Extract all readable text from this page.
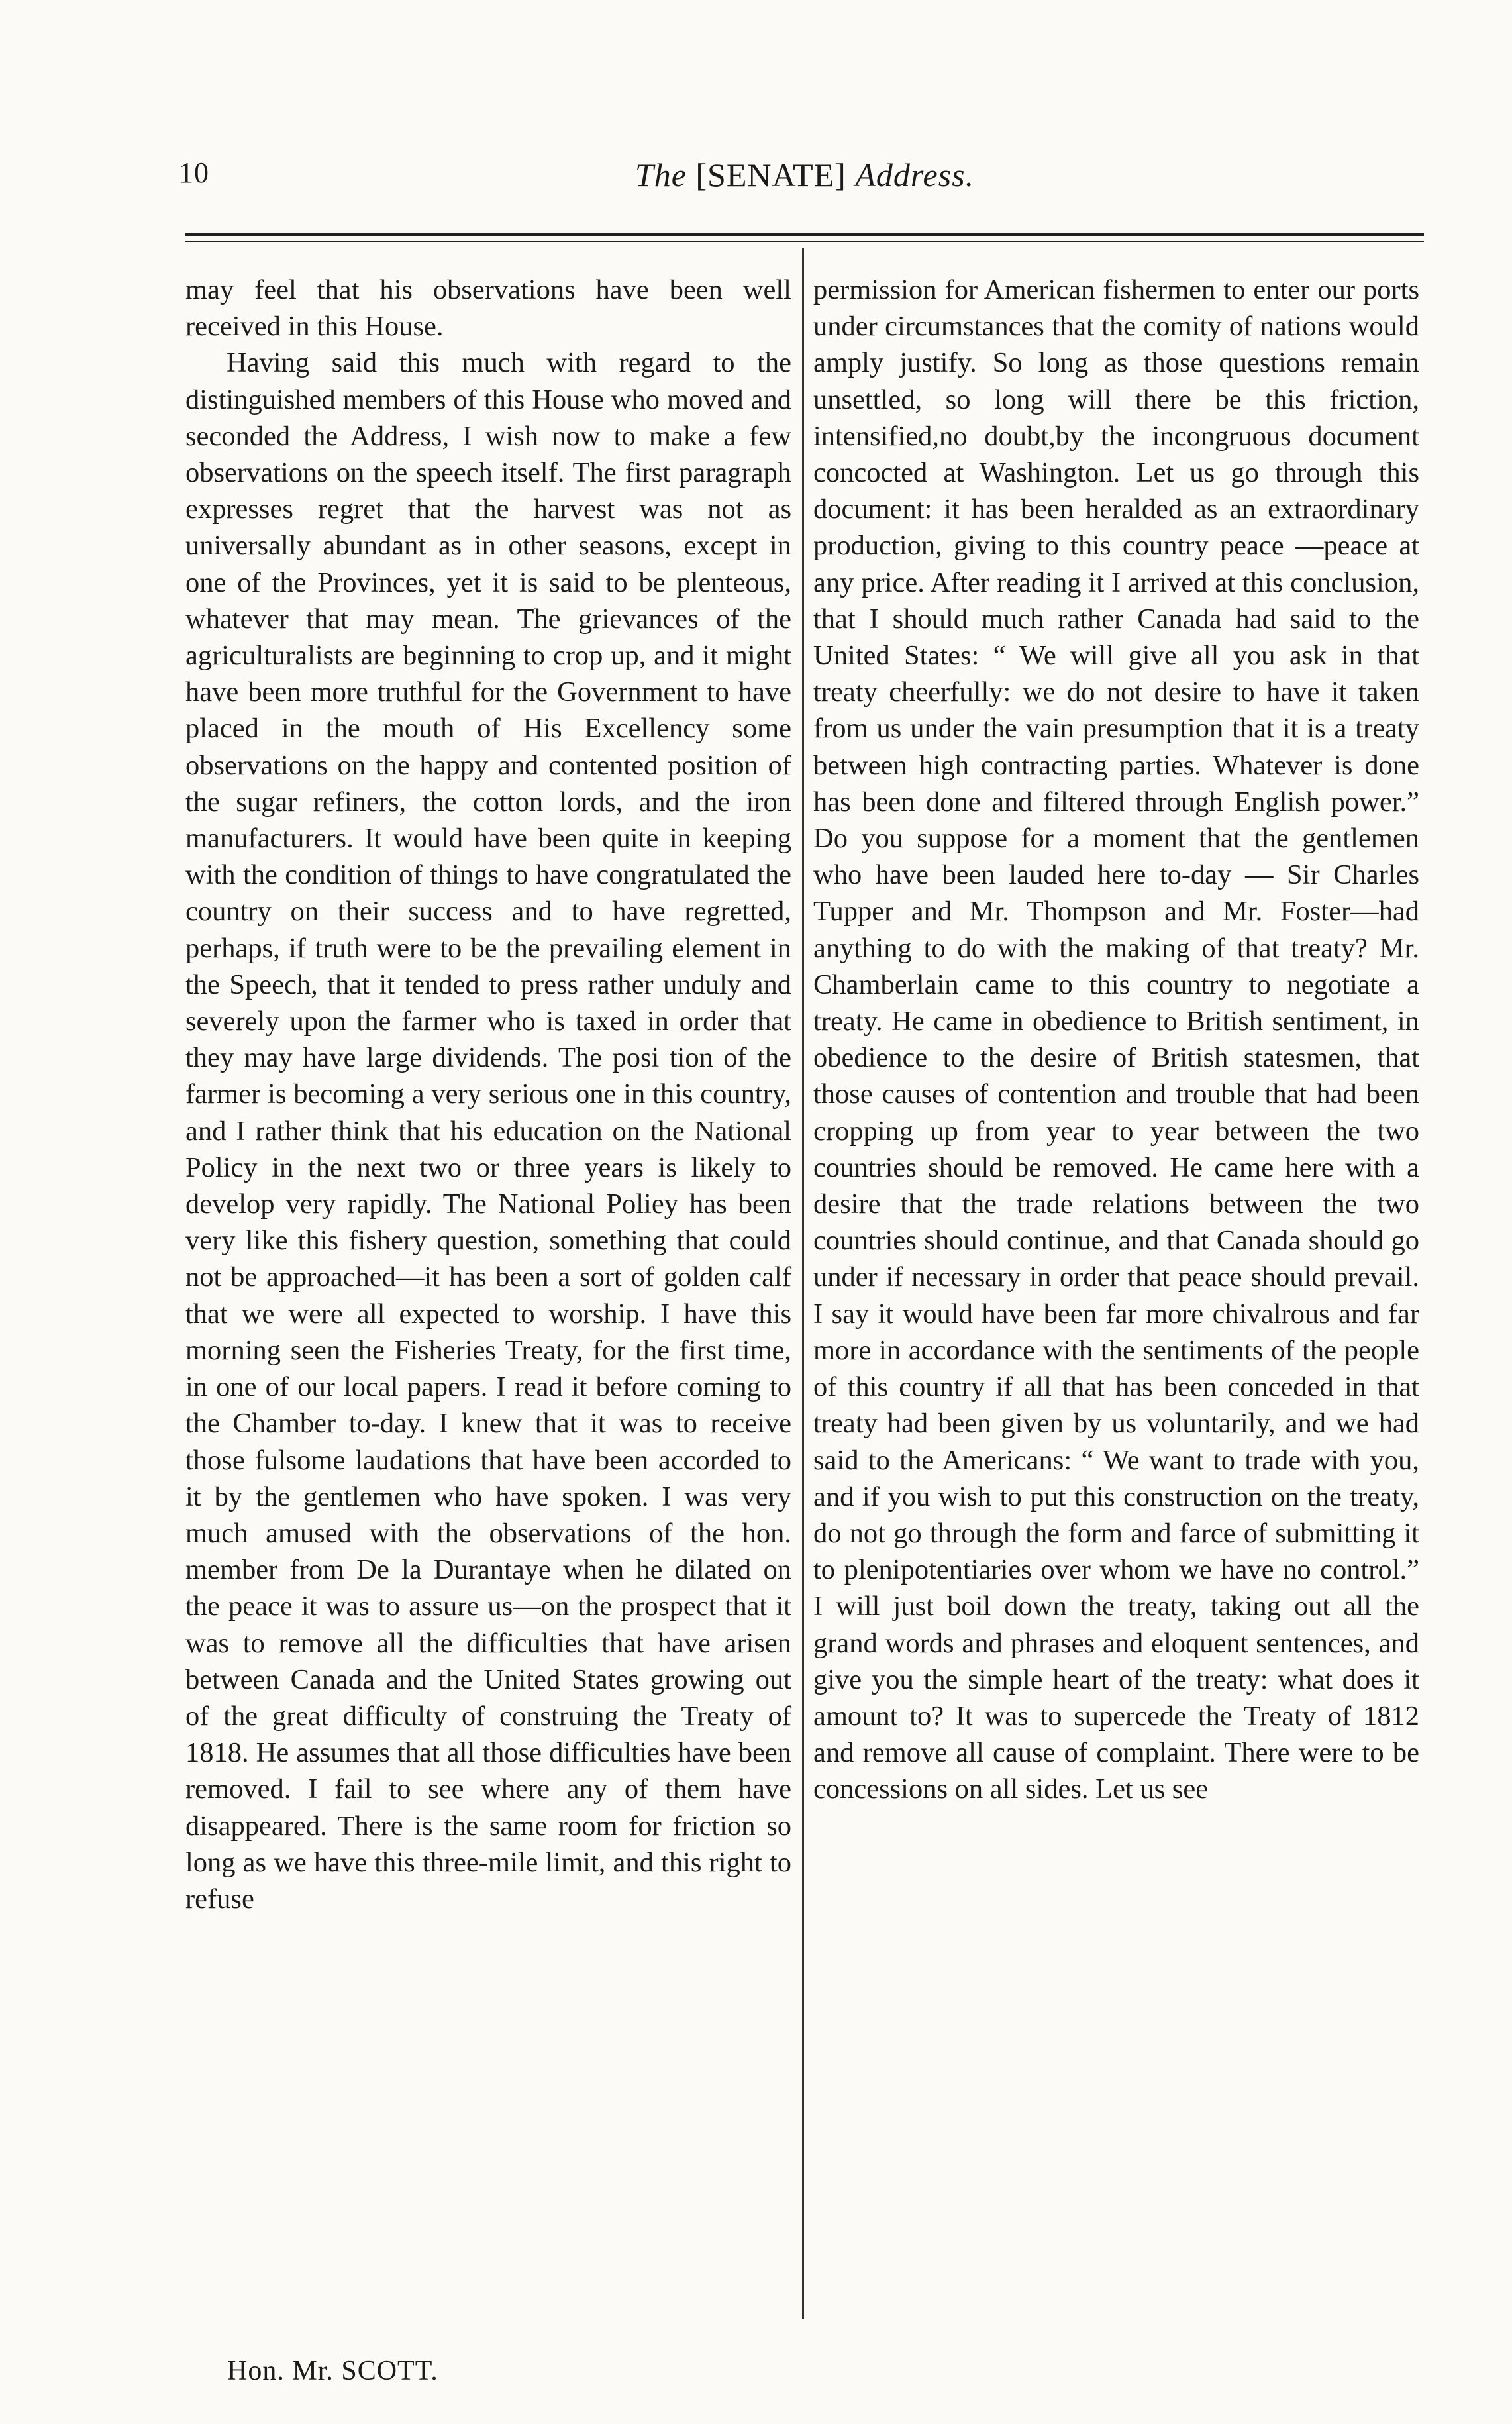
10	The [SENATE] Address.

may feel that his observations have been well received in this House.

Having said this much with regard to the distinguished members of this House who moved and seconded the Address, I wish now to make a few observations on the speech itself. The first paragraph expresses regret that the harvest was not as universally abundant as in other seasons, except in one of the Provinces, yet it is said to be plenteous, whatever that may mean. The grievances of the agriculturalists are beginning to crop up, and it might have been more truthful for the Government to have placed in the mouth of His Excellency some observations on the happy and contented position of the sugar refiners, the cotton lords, and the iron manufacturers. It would have been quite in keeping with the condition of things to have congratulated the country on their success and to have regretted, perhaps, if truth were to be the prevailing element in the Speech, that it tended to press rather unduly and severely upon the farmer who is taxed in order that they may have large dividends. The posi tion of the farmer is becoming a very serious one in this country, and I rather think that his education on the National Policy in the next two or three years is likely to develop very rapidly. The National Poliey has been very like this fishery question, something that could not be approached—it has been a sort of golden calf that we were all expected to worship. I have this morning seen the Fisheries Treaty, for the first time, in one of our local papers. I read it before coming to the Chamber to-day. I knew that it was to receive those fulsome laudations that have been accorded to it by the gentlemen who have spoken. I was very much amused with the observations of the hon. member from De la Durantaye when he dilated on the peace it was to assure us—on the prospect that it was to remove all the difficulties that have arisen between Canada and the United States growing out of the great difficulty of construing the Treaty of 1818. He assumes that all those difficulties have been removed. I fail to see where any of them have disappeared. There is the same room for friction so long as we have this three-mile limit, and this right to refuse

permission for American fishermen to enter our ports under circumstances that the comity of nations would amply justify. So long as those questions remain unsettled, so long will there be this friction, intensified,no doubt,by the incongruous document concocted at Washington. Let us go through this document: it has been heralded as an extraordinary production, giving to this country peace —peace at any price. After reading it I arrived at this conclusion, that I should much rather Canada had said to the United States: “ We will give all you ask in that treaty cheerfully: we do not desire to have it taken from us under the vain presumption that it is a treaty between high contracting parties. Whatever is done has been done and filtered through English power.” Do you suppose for a moment that the gentlemen who have been lauded here to-day — Sir Charles Tupper and Mr. Thompson and Mr. Foster—had anything to do with the making of that treaty? Mr. Chamberlain came to this country to negotiate a treaty. He came in obedience to British sentiment, in obedience to the desire of British statesmen, that those causes of contention and trouble that had been cropping up from year to year between the two countries should be removed. He came here with a desire that the trade relations between the two countries should continue, and that Canada should go under if necessary in order that peace should prevail. I say it would have been far more chivalrous and far more in accordance with the sentiments of the people of this country if all that has been conceded in that treaty had been given by us voluntarily, and we had said to the Americans: “ We want to trade with you, and if you wish to put this construction on the treaty, do not go through the form and farce of submitting it to plenipotentiaries over whom we have no control.” I will just boil down the treaty, taking out all the grand words and phrases and eloquent sentences, and give you the simple heart of the treaty: what does it amount to? It was to supercede the Treaty of 1812 and remove all cause of complaint. There were to be concessions on all sides. Let us see

Hon. Mr. SCOTT.
